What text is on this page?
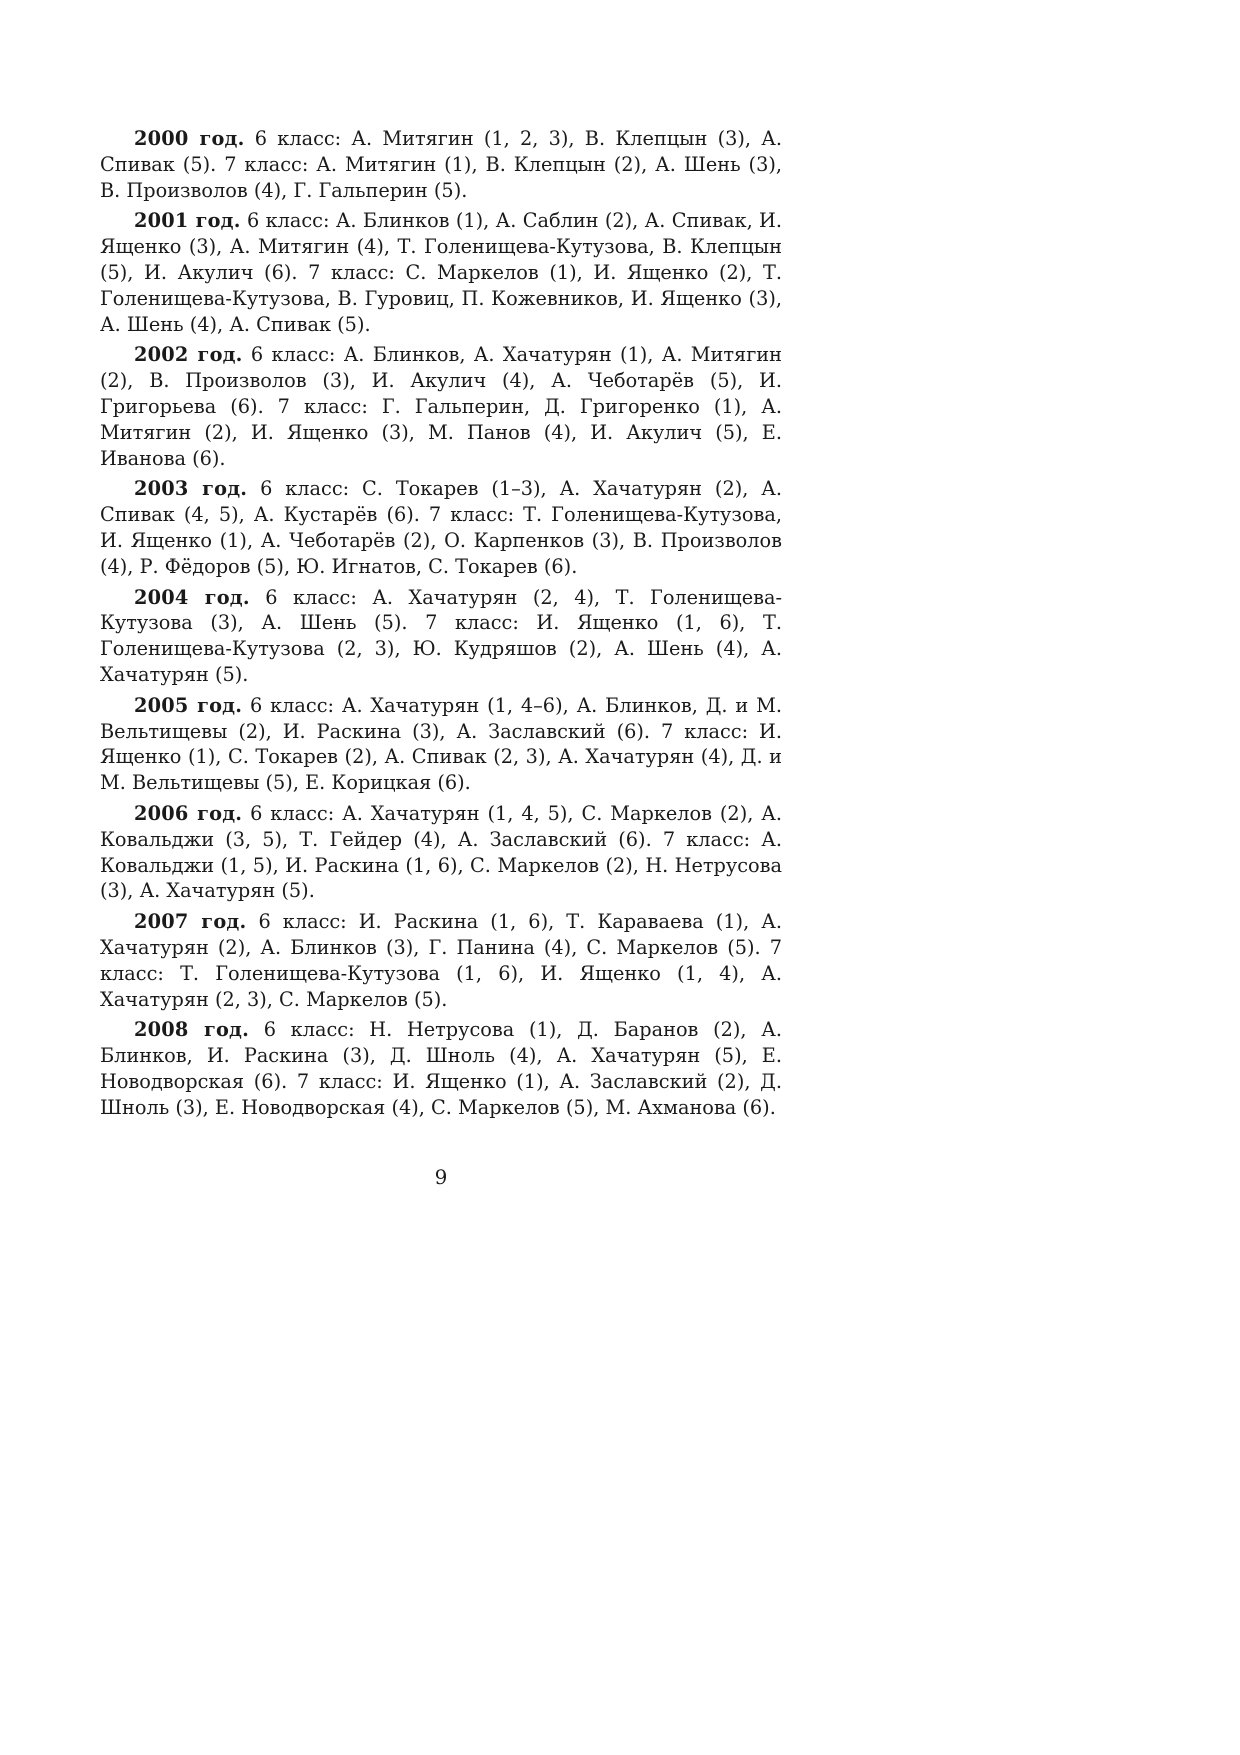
2000 год. 6 класс: А. Митягин (1, 2, 3), В. Клепцын (3), А. Спивак (5). 7 класс: А. Митягин (1), В. Клепцын (2), А. Шень (3), В. Произволов (4), Г. Гальперин (5).

2001 год. 6 класс: А. Блинков (1), А. Саблин (2), А. Спивак, И. Ященко (3), А. Митягин (4), Т. Голенищева-Кутузова, В. Клепцын (5), И. Акулич (6). 7 класс: С. Маркелов (1), И. Ященко (2), Т. Голенищева-Кутузова, В. Гуровиц, П. Кожевников, И. Ященко (3), А. Шень (4), А. Спивак (5).

2002 год. 6 класс: А. Блинков, А. Хачатурян (1), А. Митягин (2), В. Произволов (3), И. Акулич (4), А. Чеботарёв (5), И. Григорьева (6). 7 класс: Г. Гальперин, Д. Григоренко (1), А. Митягин (2), И. Ященко (3), М. Панов (4), И. Акулич (5), Е. Иванова (6).

2003 год. 6 класс: С. Токарев (1–3), А. Хачатурян (2), А. Спивак (4, 5), А. Кустарёв (6). 7 класс: Т. Голенищева-Кутузова, И. Ященко (1), А. Чеботарёв (2), О. Карпенков (3), В. Произволов (4), Р. Фёдоров (5), Ю. Игнатов, С. Токарев (6).

2004 год. 6 класс: А. Хачатурян (2, 4), Т. Голенищева-Кутузова (3), А. Шень (5). 7 класс: И. Ященко (1, 6), Т. Голенищева-Кутузова (2, 3), Ю. Кудряшов (2), А. Шень (4), А. Хачатурян (5).

2005 год. 6 класс: А. Хачатурян (1, 4–6), А. Блинков, Д. и М. Вельтищевы (2), И. Раскина (3), А. Заславский (6). 7 класс: И. Ященко (1), С. Токарев (2), А. Спивак (2, 3), А. Хачатурян (4), Д. и М. Вельтищевы (5), Е. Корицкая (6).

2006 год. 6 класс: А. Хачатурян (1, 4, 5), С. Маркелов (2), А. Ковальджи (3, 5), Т. Гейдер (4), А. Заславский (6). 7 класс: А. Ковальджи (1, 5), И. Раскина (1, 6), С. Маркелов (2), Н. Нетрусова (3), А. Хачатурян (5).

2007 год. 6 класс: И. Раскина (1, 6), Т. Караваева (1), А. Хачатурян (2), А. Блинков (3), Г. Панина (4), С. Маркелов (5). 7 класс: Т. Голенищева-Кутузова (1, 6), И. Ященко (1, 4), А. Хачатурян (2, 3), С. Маркелов (5).

2008 год. 6 класс: Н. Нетрусова (1), Д. Баранов (2), А. Блинков, И. Раскина (3), Д. Шноль (4), А. Хачатурян (5), Е. Новодворская (6). 7 класс: И. Ященко (1), А. Заславский (2), Д. Шноль (3), Е. Новодворская (4), С. Маркелов (5), М. Ахманова (6).

9
